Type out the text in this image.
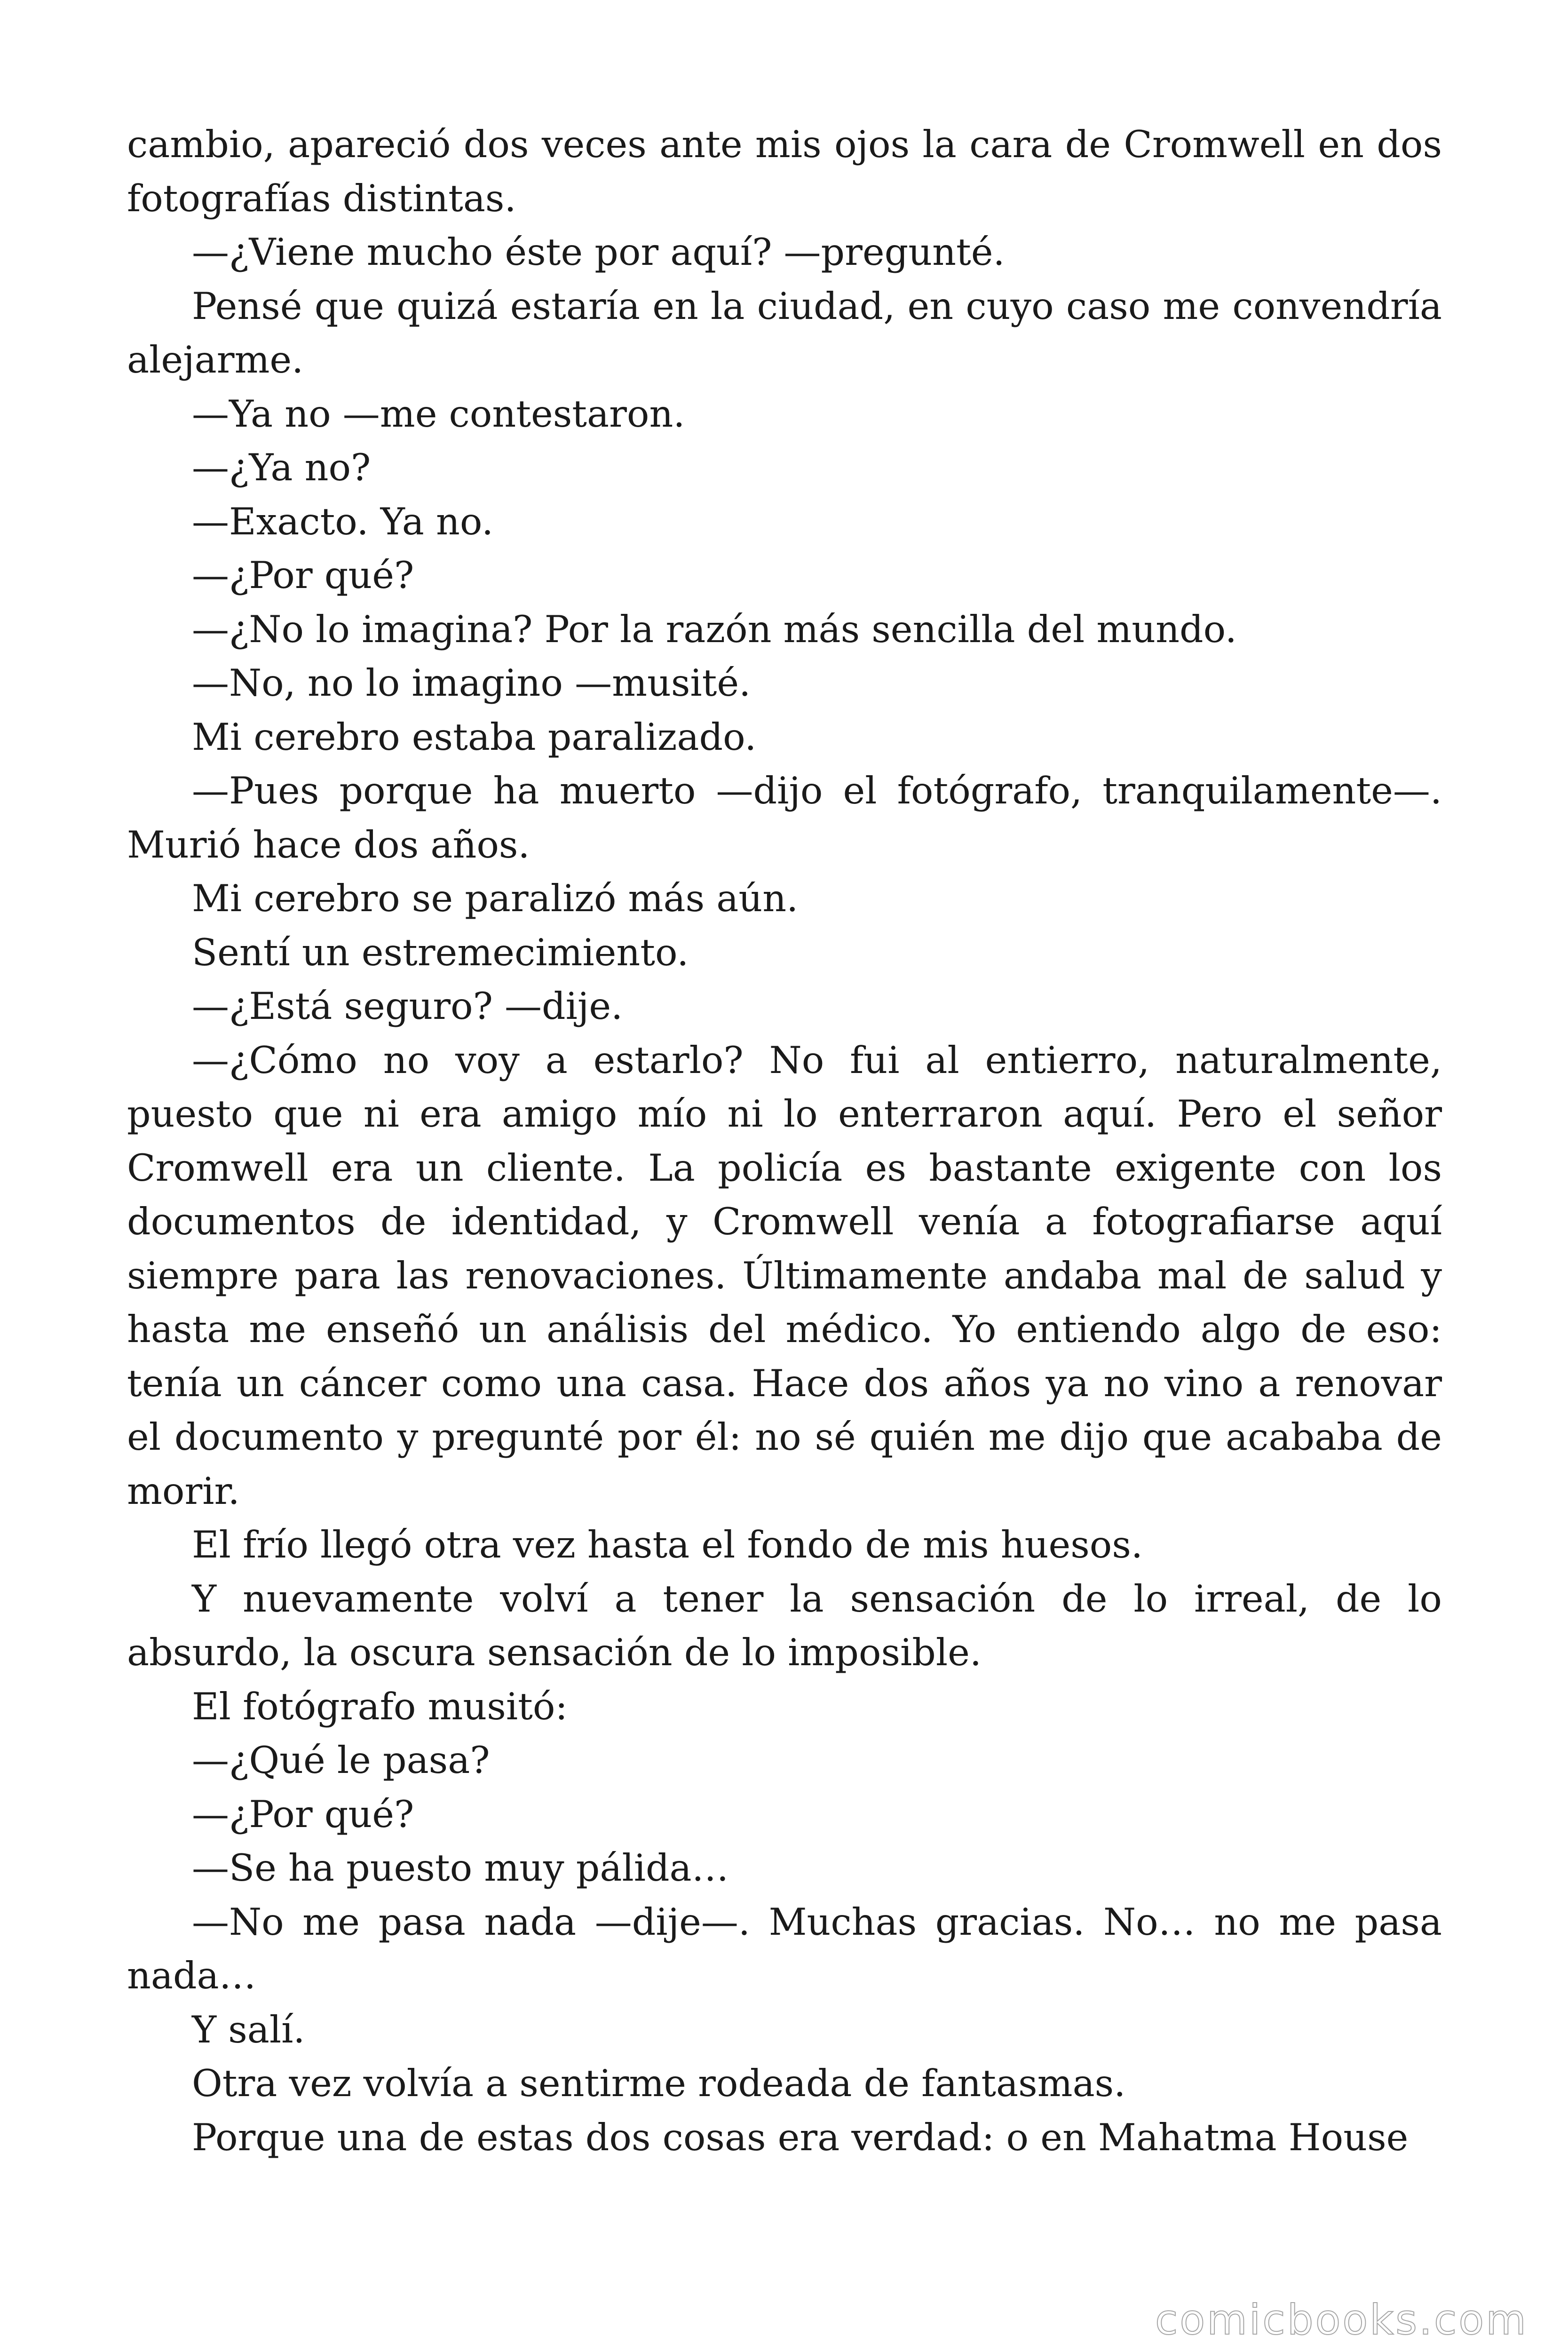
cambio, apareció dos veces ante mis ojos la cara de Cromwell en dos fotografías distintas.

—¿Viene mucho éste por aquí? —pregunté.

Pensé que quizá estaría en la ciudad, en cuyo caso me convendría alejarme.

—Ya no —me contestaron.

—¿Ya no?

—Exacto. Ya no.

—¿Por qué?

—¿No lo imagina? Por la razón más sencilla del mundo.

—No, no lo imagino —musité.

Mi cerebro estaba paralizado.

—Pues porque ha muerto —dijo el fotógrafo, tranquilamente—. Murió hace dos años.

Mi cerebro se paralizó más aún.

Sentí un estremecimiento.

—¿Está seguro? —dije.

—¿Cómo no voy a estarlo? No fui al entierro, naturalmente, puesto que ni era amigo mío ni lo enterraron aquí. Pero el señor Cromwell era un cliente. La policía es bastante exigente con los documentos de identidad, y Cromwell venía a fotografiarse aquí siempre para las renovaciones. Últimamente andaba mal de salud y hasta me enseñó un análisis del médico. Yo entiendo algo de eso: tenía un cáncer como una casa. Hace dos años ya no vino a renovar el documento y pregunté por él: no sé quién me dijo que acababa de morir.

El frío llegó otra vez hasta el fondo de mis huesos.

Y nuevamente volví a tener la sensación de lo irreal, de lo absurdo, la oscura sensación de lo imposible.

El fotógrafo musitó:

—¿Qué le pasa?

—¿Por qué?

—Se ha puesto muy pálida…

—No me pasa nada —dije—. Muchas gracias. No… no me pasa nada…

Y salí.

Otra vez volvía a sentirme rodeada de fantasmas.

Porque una de estas dos cosas era verdad: o en Mahatma House

comicbooks.com
